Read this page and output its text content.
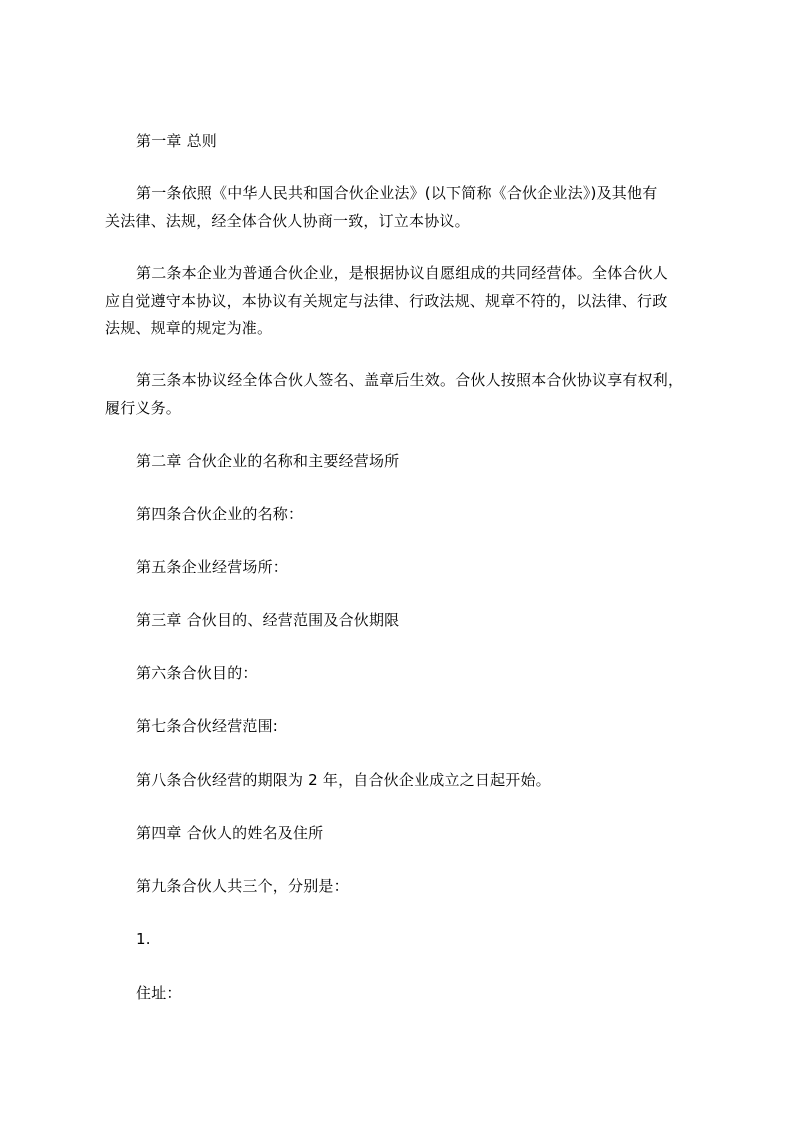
第一章 总则
第一条依照《中华人民共和国合伙企业法》(以下简称《合伙企业法》)及其他有
关法律、法规，经全体合伙人协商一致，订立本协议。
第二条本企业为普通合伙企业，是根据协议自愿组成的共同经营体。全体合伙人
应自觉遵守本协议，本协议有关规定与法律、行政法规、规章不符的，以法律、行政
法规、规章的规定为准。
第三条本协议经全体合伙人签名、盖章后生效。合伙人按照本合伙协议享有权利，
履行义务。
第二章 合伙企业的名称和主要经营场所
第四条合伙企业的名称：
第五条企业经营场所：
第三章 合伙目的、经营范围及合伙期限
第六条合伙目的：
第七条合伙经营范围:
第八条合伙经营的期限为 2 年，自合伙企业成立之日起开始。
第四章 合伙人的姓名及住所
第九条合伙人共三个，分别是：
1.
住址：
